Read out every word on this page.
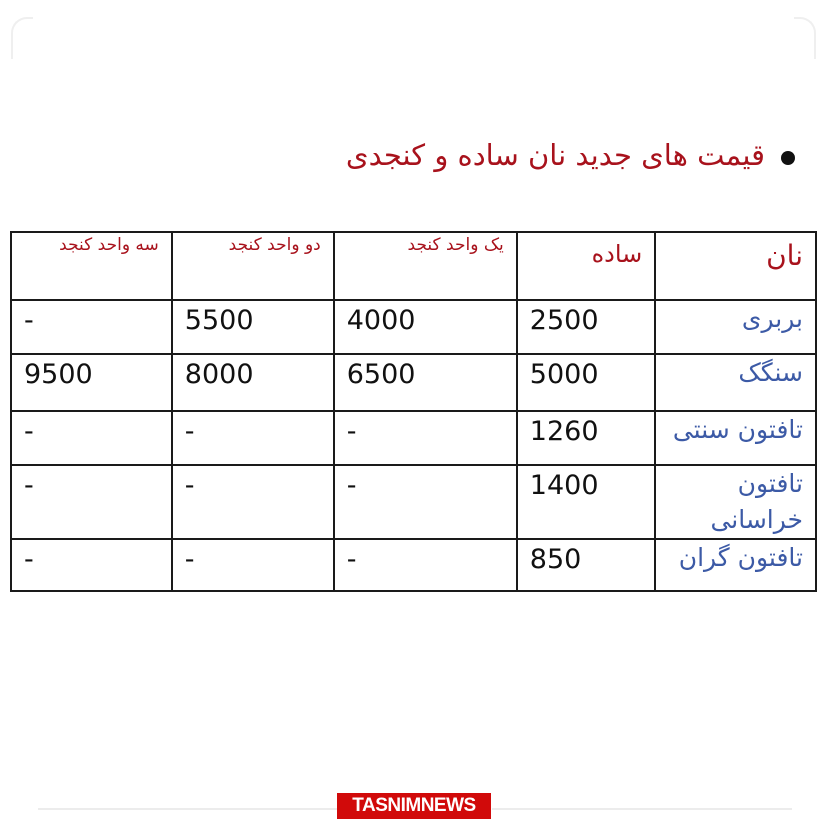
قیمت های جدید نان ساده و کنجدی
نان	ساده	یک واحد کنجد	دو واحد کنجد	سه واحد کنجد
بربری	2500	4000	5500	-
سنگک	5000	6500	8000	9500
تافتون سنتی	1260	-	-	-
تافتون خراسانی	1400	-	-	-
تافتون گران	850	-	-	-
TASNIMNEWS
